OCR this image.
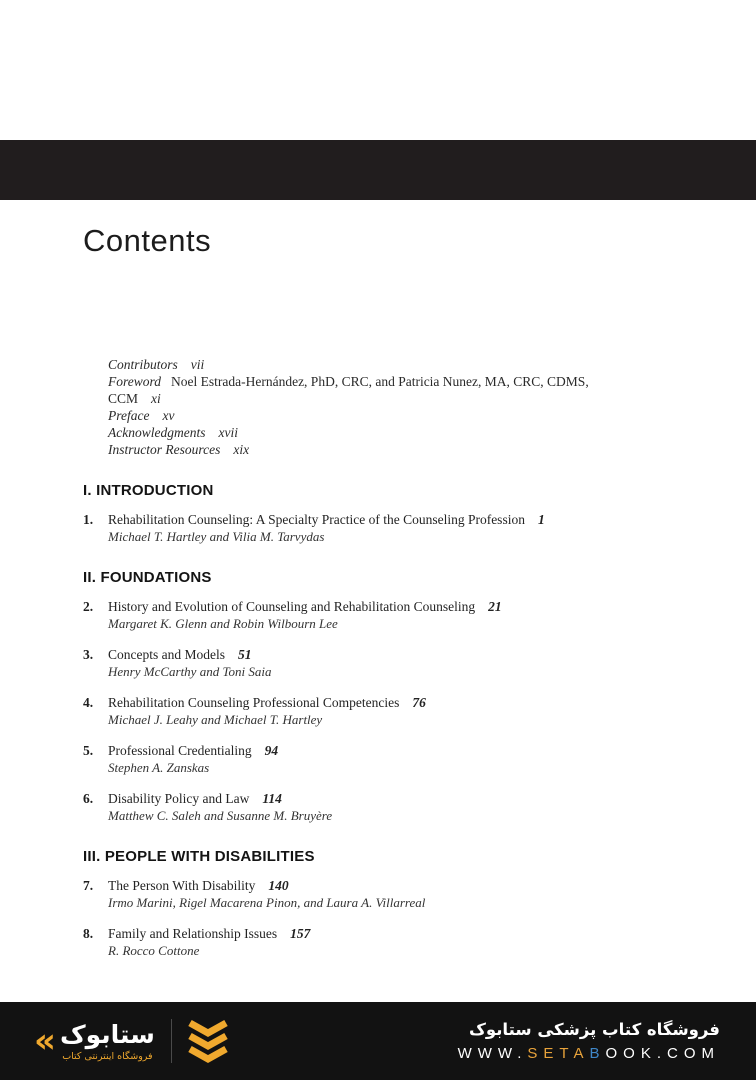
Contents

Contributors vii

Foreword Noel Estrada-Hernández, PhD, CRC, and Patricia Nunez, MA, CRC, CDMS, CCM xi

Preface xv

Acknowledgments xvii

Instructor Resources xix

I. INTRODUCTION
1.	Rehabilitation Counseling: A Specialty Practice of the Counseling Profession 1
Michael T. Hartley and Vilia M. Tarvydas
II. FOUNDATIONS
2.	History and Evolution of Counseling and Rehabilitation Counseling 21
Margaret K. Glenn and Robin Wilbourn Lee
3.	Concepts and Models 51
Henry McCarthy and Toni Saia
4.	Rehabilitation Counseling Professional Competencies 76
Michael J. Leahy and Michael T. Hartley
5.	Professional Credentialing 94
Stephen A. Zanskas
6.	Disability Policy and Law 114
Matthew C. Saleh and Susanne M. Bruyère
III. PEOPLE WITH DISABILITIES
7.	The Person With Disability 140
Irmo Marini, Rigel Macarena Pinon, and Laura A. Villarreal
8.	Family and Relationship Issues 157
R. Rocco Cottone
« ستابوک
فروشگاه اینترنتی کتاب
فروشگاه کتاب پزشکی ستابوک
WWW.SETABOOK.COM
